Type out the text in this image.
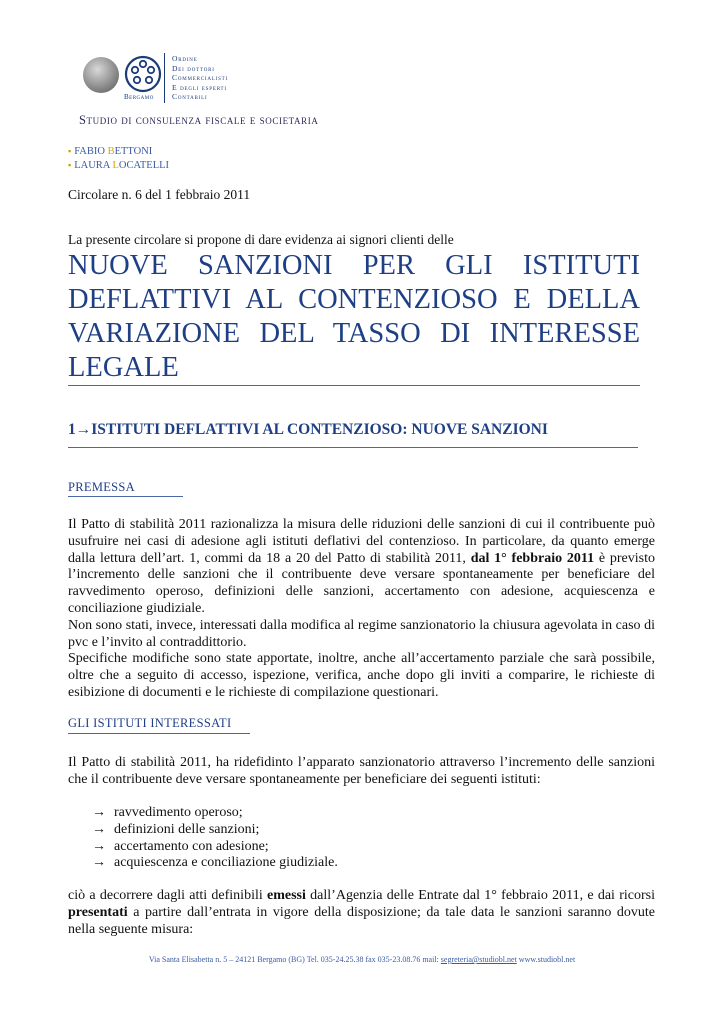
Bergamo
Ordine
Dei dottori
Commercialisti
E degli esperti
Contabili
Studio di consulenza fiscale e societaria
▪ FABIO BETTONI
▪ LAURA LOCATELLI
Circolare n. 6 del 1 febbraio 2011
La presente circolare si propone di dare evidenza ai signori clienti delle
NUOVE SANZIONI PER GLI ISTITUTI DEFLATTIVI AL CONTENZIOSO E DELLA VARIAZIONE DEL TASSO DI INTERESSE LEGALE
1→ISTITUTI DEFLATTIVI AL CONTENZIOSO: NUOVE SANZIONI
PREMESSA

Il Patto di stabilità 2011 razionalizza la misura delle riduzioni delle sanzioni di cui il contribuente può usufruire nei casi di adesione agli istituti deflativi del contenzioso. In particolare, da quanto emerge dalla lettura dell’art. 1, commi da 18 a 20 del Patto di stabilità 2011, dal 1° febbraio 2011 è previsto l’incremento delle sanzioni che il contribuente deve versare spontaneamente per beneficiare del ravvedimento operoso, definizioni delle sanzioni, accertamento con adesione, acquiescenza e conciliazione giudiziale.

Non sono stati, invece, interessati dalla modifica al regime sanzionatorio la chiusura agevolata in caso di pvc e l’invito al contraddittorio.

Specifiche modifiche sono state apportate, inoltre, anche all’accertamento parziale che sarà possibile, oltre che a seguito di accesso, ispezione, verifica, anche dopo gli inviti a comparire, le richieste di esibizione di documenti e le richieste di compilazione questionari.

GLI ISTITUTI INTERESSATI

Il Patto di stabilità 2011, ha ridefidinto l’apparato sanzionatorio attraverso l’incremento delle sanzioni che il contribuente deve versare spontaneamente per beneficiare dei seguenti istituti:

→ ravvedimento operoso;
→ definizioni delle sanzioni;
→ accertamento con adesione;
→ acquiescenza e conciliazione giudiziale.

ciò a decorrere dagli atti definibili emessi dall’Agenzia delle Entrate dal 1° febbraio 2011, e dai ricorsi presentati a partire dall’entrata in vigore della disposizione; da tale data le sanzioni saranno dovute nella seguente misura:

Via Santa Elisabetta n. 5 – 24121 Bergamo (BG) Tel. 035-24.25.38 fax 035-23.08.76 mail: segreteria@studiobl.net www.studiobl.net
